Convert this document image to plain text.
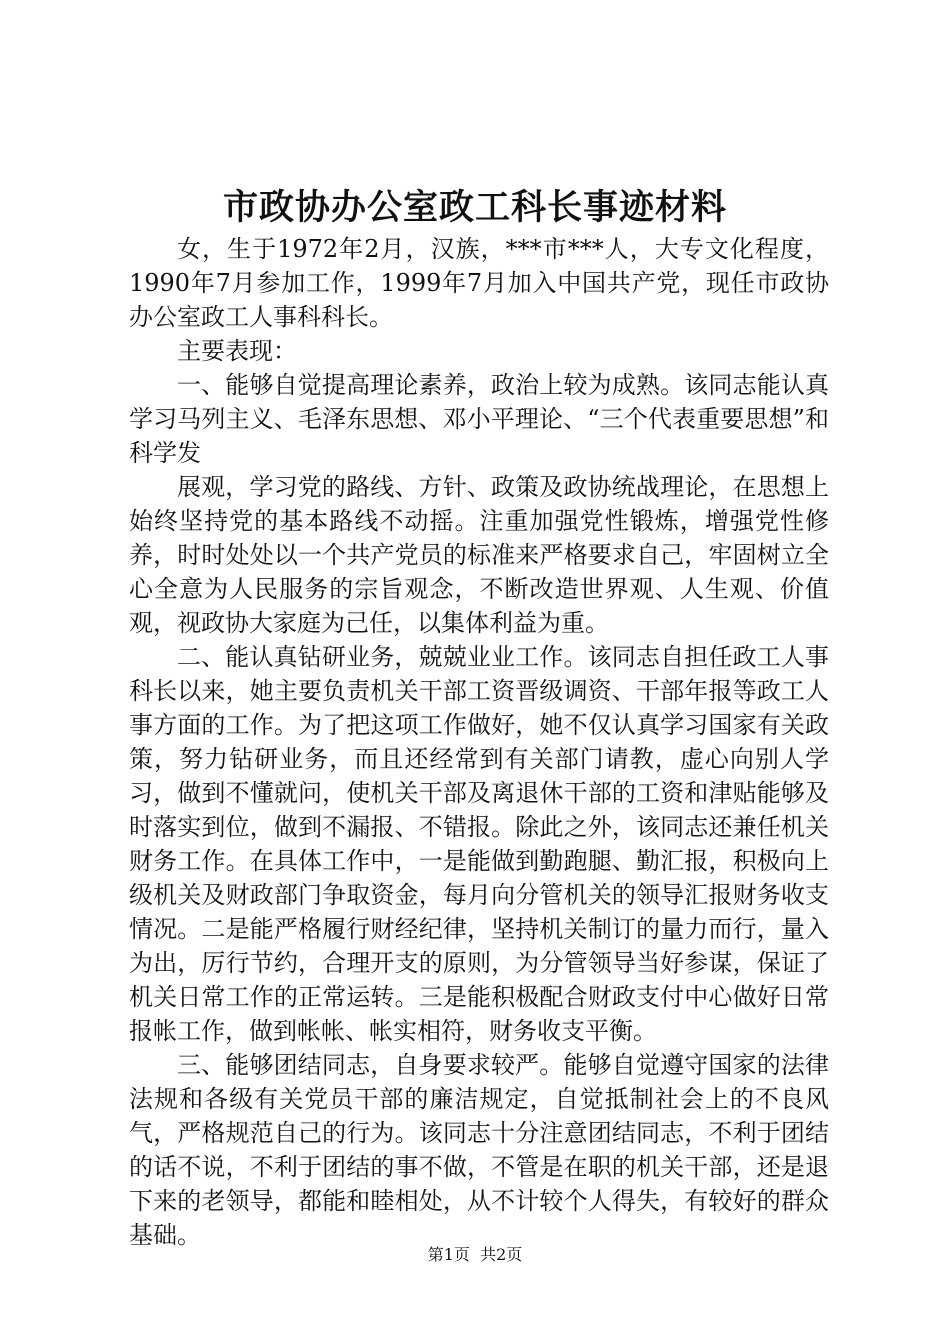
市政协办公室政工科长事迹材料

女，生于1972年2月，汉族，***市***人，大专文化程度，1990年7月参加工作，1999年7月加入中国共产党，现任市政协办公室政工人事科科长。

主要表现：

一、能够自觉提高理论素养，政治上较为成熟。该同志能认真学习马列主义、毛泽东思想、邓小平理论、“三个代表重要思想”和科学发

展观，学习党的路线、方针、政策及政协统战理论，在思想上始终坚持党的基本路线不动摇。注重加强党性锻炼，增强党性修养，时时处处以一个共产党员的标准来严格要求自己，牢固树立全心全意为人民服务的宗旨观念，不断改造世界观、人生观、价值观，视政协大家庭为己任，以集体利益为重。

二、能认真钻研业务，兢兢业业工作。该同志自担任政工人事科长以来，她主要负责机关干部工资晋级调资、干部年报等政工人事方面的工作。为了把这项工作做好，她不仅认真学习国家有关政策，努力钻研业务，而且还经常到有关部门请教，虚心向别人学习，做到不懂就问，使机关干部及离退休干部的工资和津贴能够及时落实到位，做到不漏报、不错报。除此之外，该同志还兼任机关财务工作。在具体工作中，一是能做到勤跑腿、勤汇报，积极向上级机关及财政部门争取资金，每月向分管机关的领导汇报财务收支情况。二是能严格履行财经纪律，坚持机关制订的量力而行，量入为出，厉行节约，合理开支的原则，为分管领导当好参谋，保证了机关日常工作的正常运转。三是能积极配合财政支付中心做好日常报帐工作，做到帐帐、帐实相符，财务收支平衡。

三、能够团结同志，自身要求较严。能够自觉遵守国家的法律法规和各级有关党员干部的廉洁规定，自觉抵制社会上的不良风气，严格规范自己的行为。该同志十分注意团结同志，不利于团结的话不说，不利于团结的事不做，不管是在职的机关干部，还是退下来的老领导，都能和睦相处，从不计较个人得失，有较好的群众基础。

第1页 共2页
